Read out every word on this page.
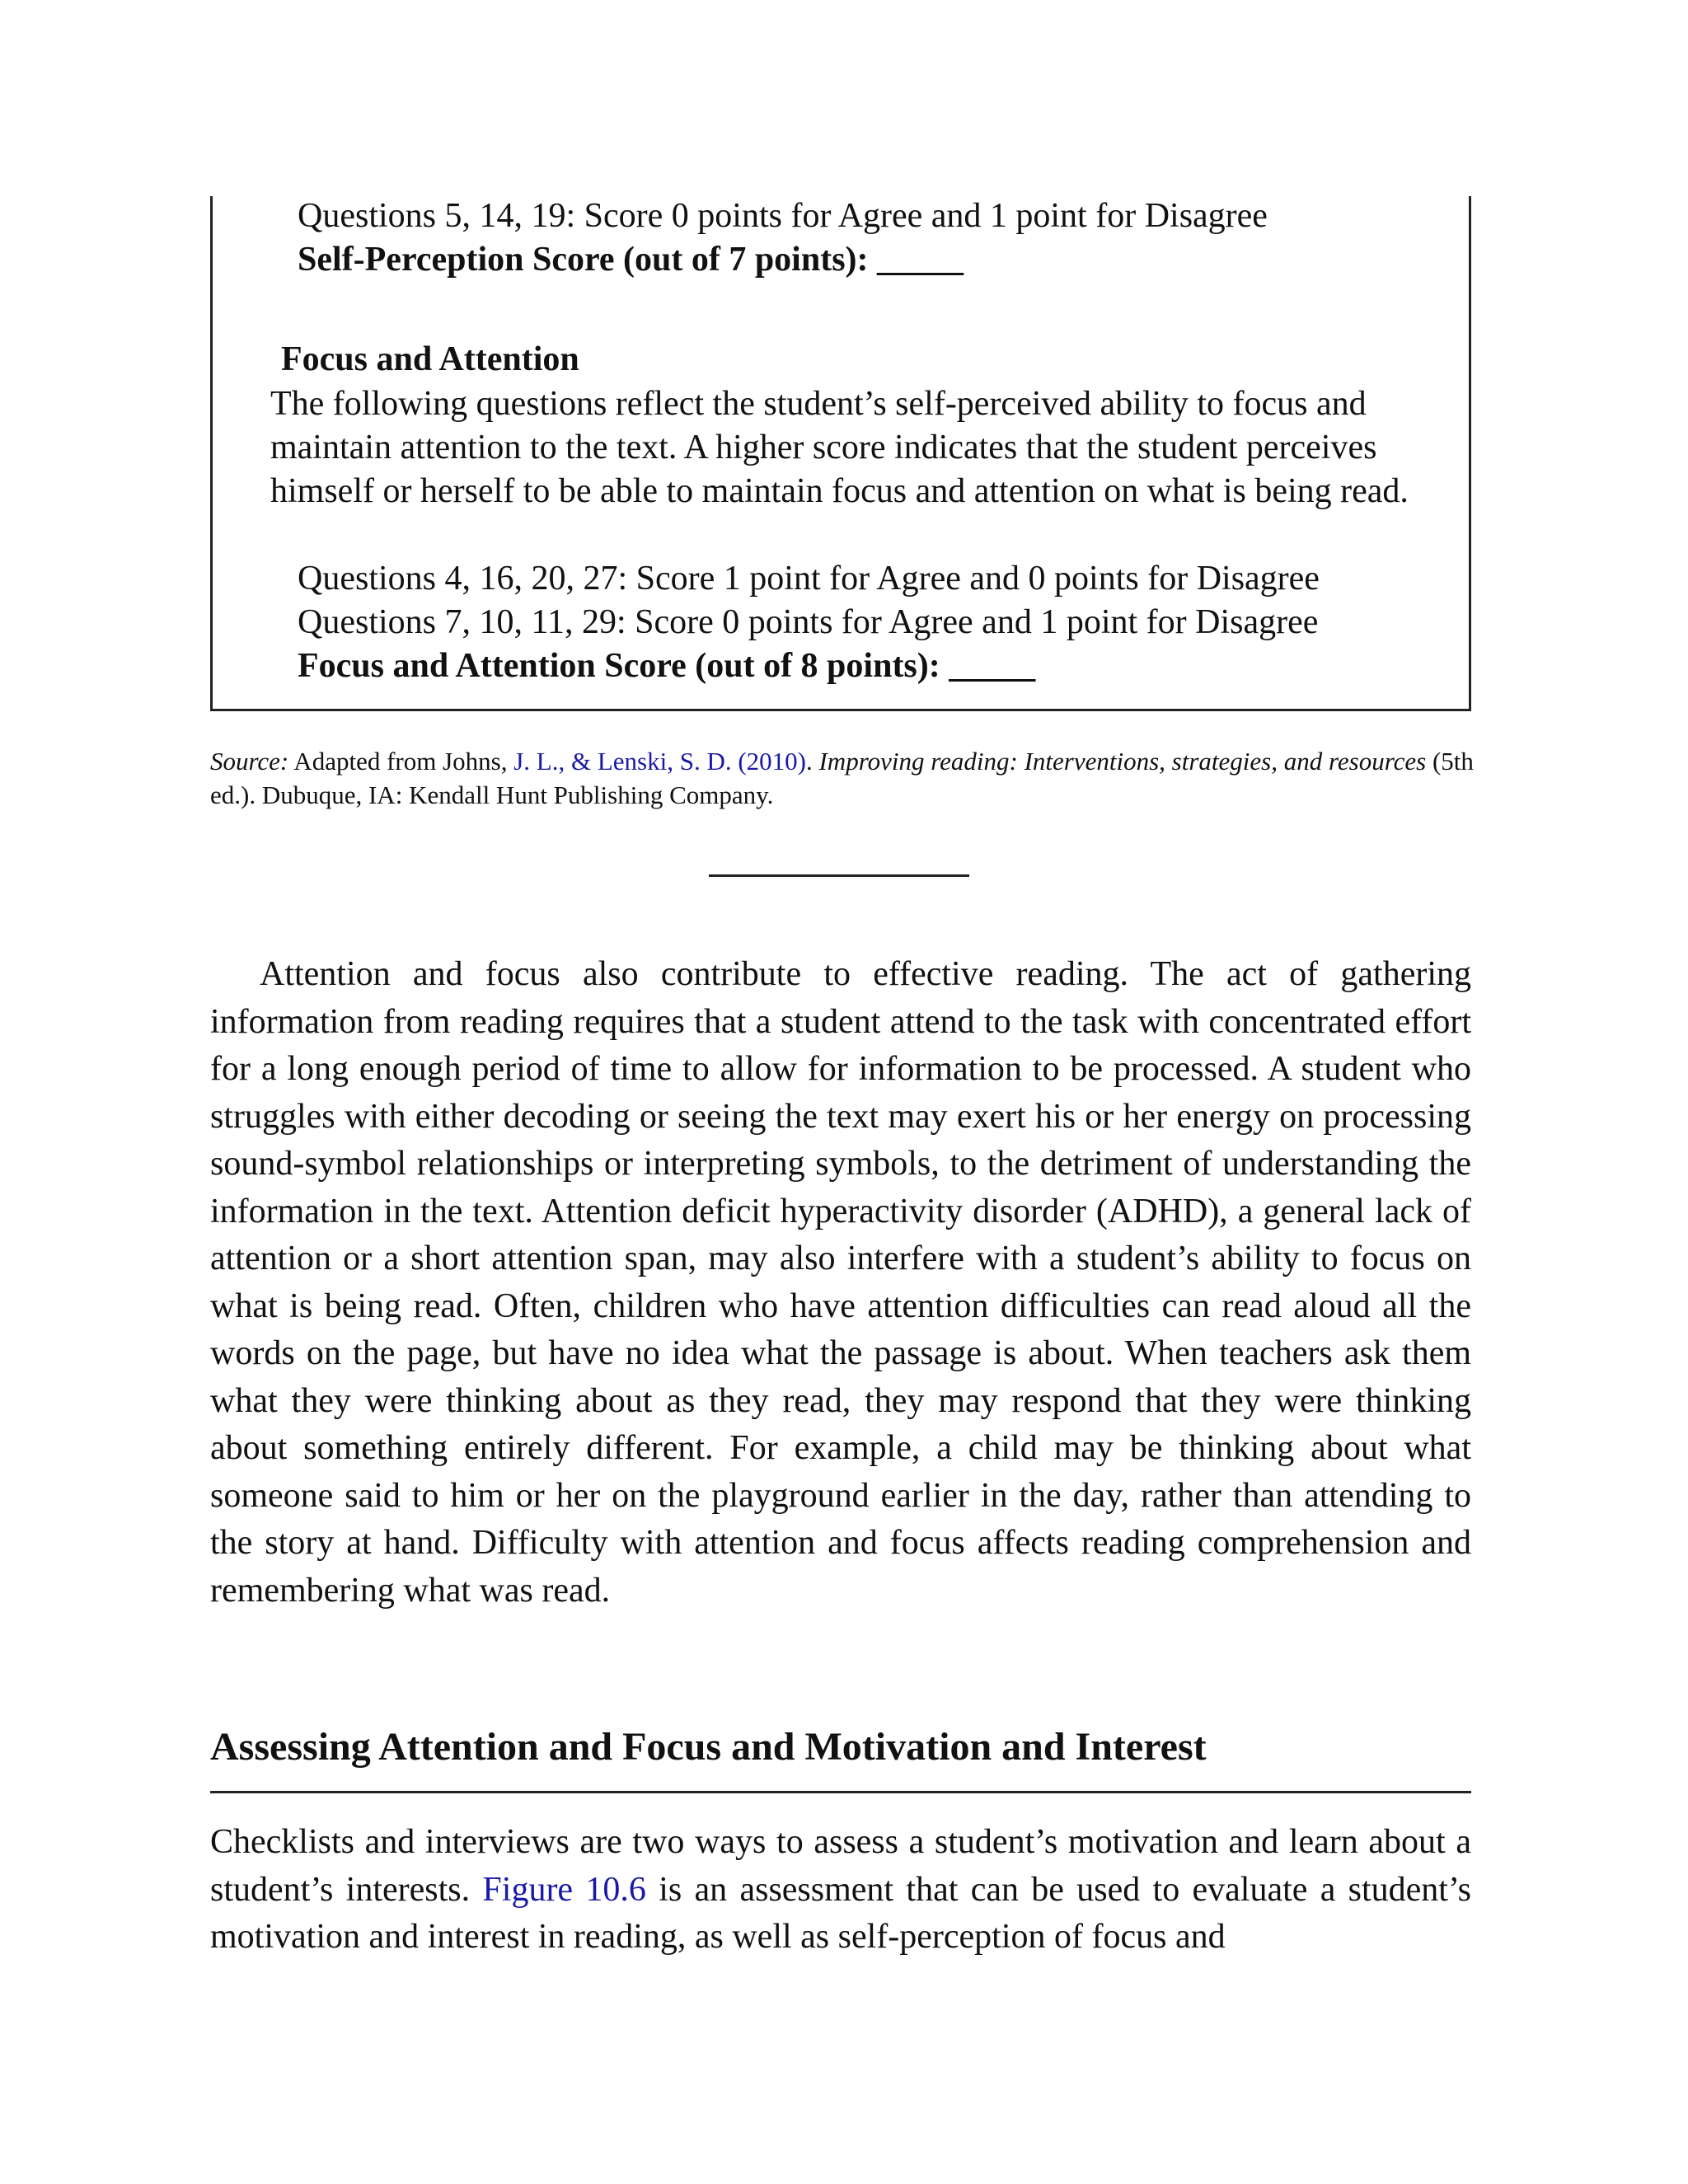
Questions 5, 14, 19: Score 0 points for Agree and 1 point for Disagree
Self-Perception Score (out of 7 points): _____
Focus and Attention
The following questions reflect the student’s self-perceived ability to focus and maintain attention to the text. A higher score indicates that the student perceives himself or herself to be able to maintain focus and attention on what is being read.
Questions 4, 16, 20, 27: Score 1 point for Agree and 0 points for Disagree
Questions 7, 10, 11, 29: Score 0 points for Agree and 1 point for Disagree
Focus and Attention Score (out of 8 points): _____
Source: Adapted from Johns, J. L., & Lenski, S. D. (2010). Improving reading: Interventions, strategies, and resources (5th ed.). Dubuque, IA: Kendall Hunt Publishing Company.
Attention and focus also contribute to effective reading. The act of gathering information from reading requires that a student attend to the task with concentrated effort for a long enough period of time to allow for information to be processed. A student who struggles with either decoding or seeing the text may exert his or her energy on processing sound-symbol relationships or interpreting symbols, to the detriment of understanding the information in the text. Attention deficit hyperactivity disorder (ADHD), a general lack of attention or a short attention span, may also interfere with a student’s ability to focus on what is being read. Often, children who have attention difficulties can read aloud all the words on the page, but have no idea what the passage is about. When teachers ask them what they were thinking about as they read, they may respond that they were thinking about something entirely different. For example, a child may be thinking about what someone said to him or her on the playground earlier in the day, rather than attending to the story at hand. Difficulty with attention and focus affects reading comprehension and remembering what was read.
Assessing Attention and Focus and Motivation and Interest
Checklists and interviews are two ways to assess a student’s motivation and learn about a student’s interests. Figure 10.6 is an assessment that can be used to evaluate a student’s motivation and interest in reading, as well as self-perception of focus and
